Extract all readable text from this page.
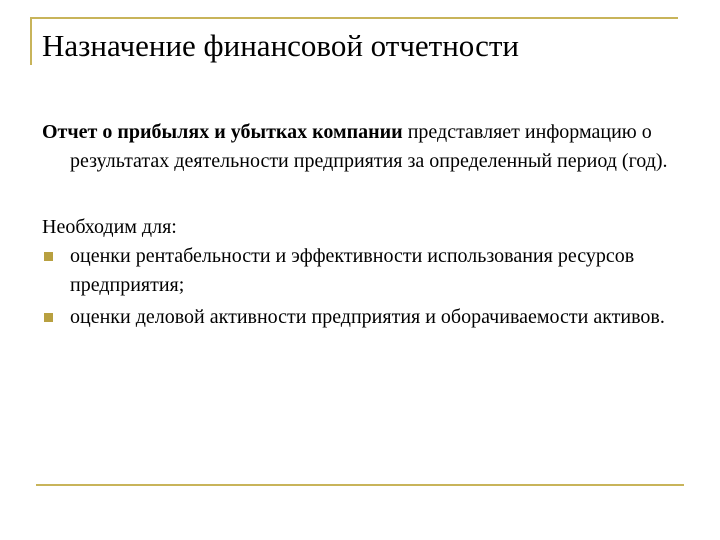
Назначение финансовой отчетности

Отчет о прибылях и убытках компании представляет информацию о результатах деятельности предприятия за определенный период (год).

Необходим для:

оценки рентабельности и эффективности использования ресурсов предприятия;
оценки деловой активности предприятия и оборачиваемости активов.
